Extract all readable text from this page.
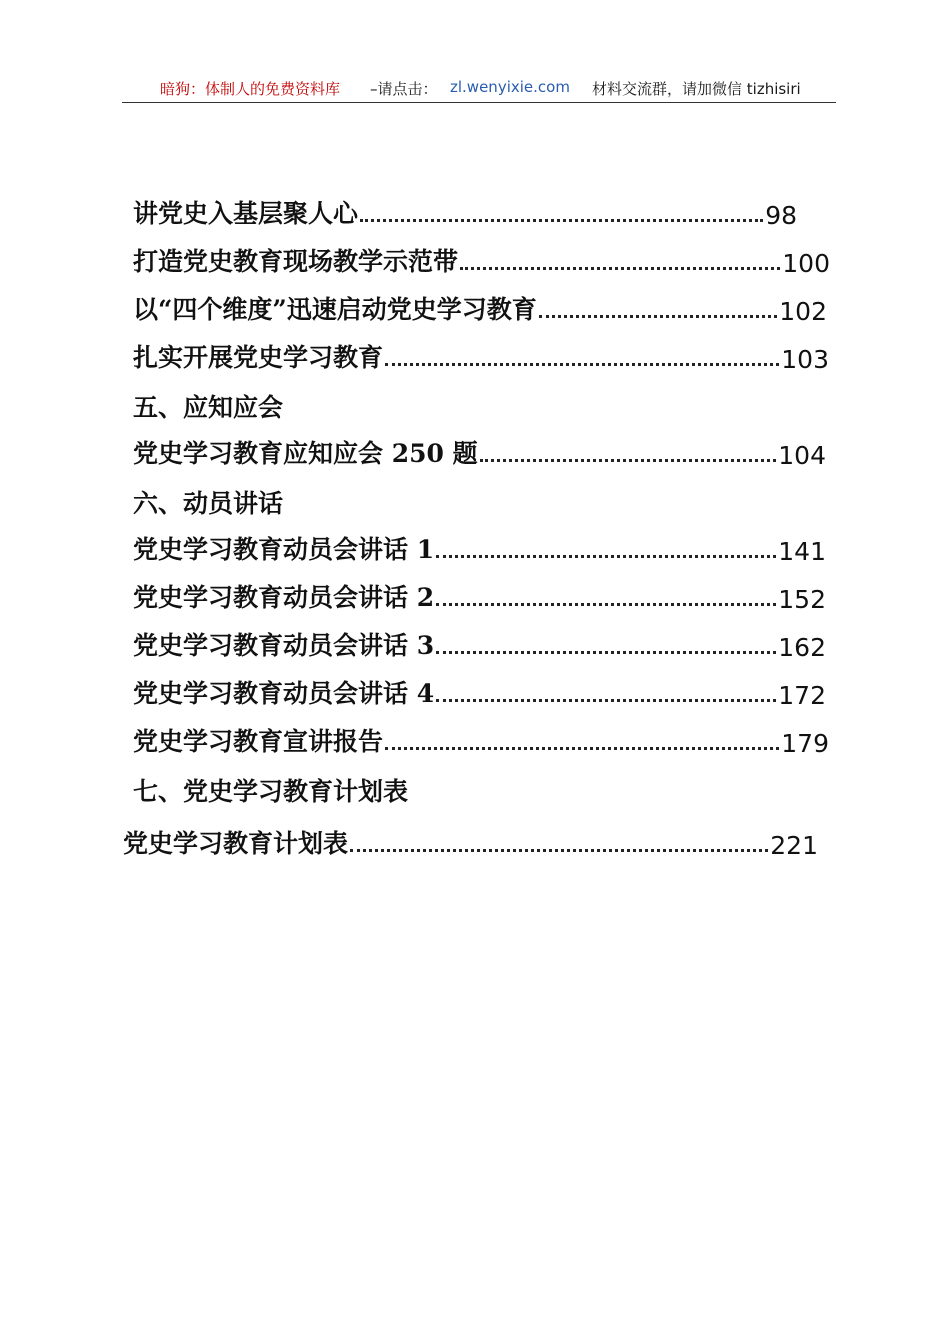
暗狗：体制人的免费资料库 –请点击： zl.wenyixie.com 材料交流群，请加微信 tizhisiri
讲党史入基层聚人心	98
打造党史教育现场教学示范带	100
以“四个维度”迅速启动党史学习教育	102
扎实开展党史学习教育	103
五、应知应会
党史学习教育应知应会 250 题	104
六、动员讲话
党史学习教育动员会讲话 1	141
党史学习教育动员会讲话 2	152
党史学习教育动员会讲话 3	162
党史学习教育动员会讲话 4	172
党史学习教育宣讲报告	179
七、党史学习教育计划表
党史学习教育计划表	221
